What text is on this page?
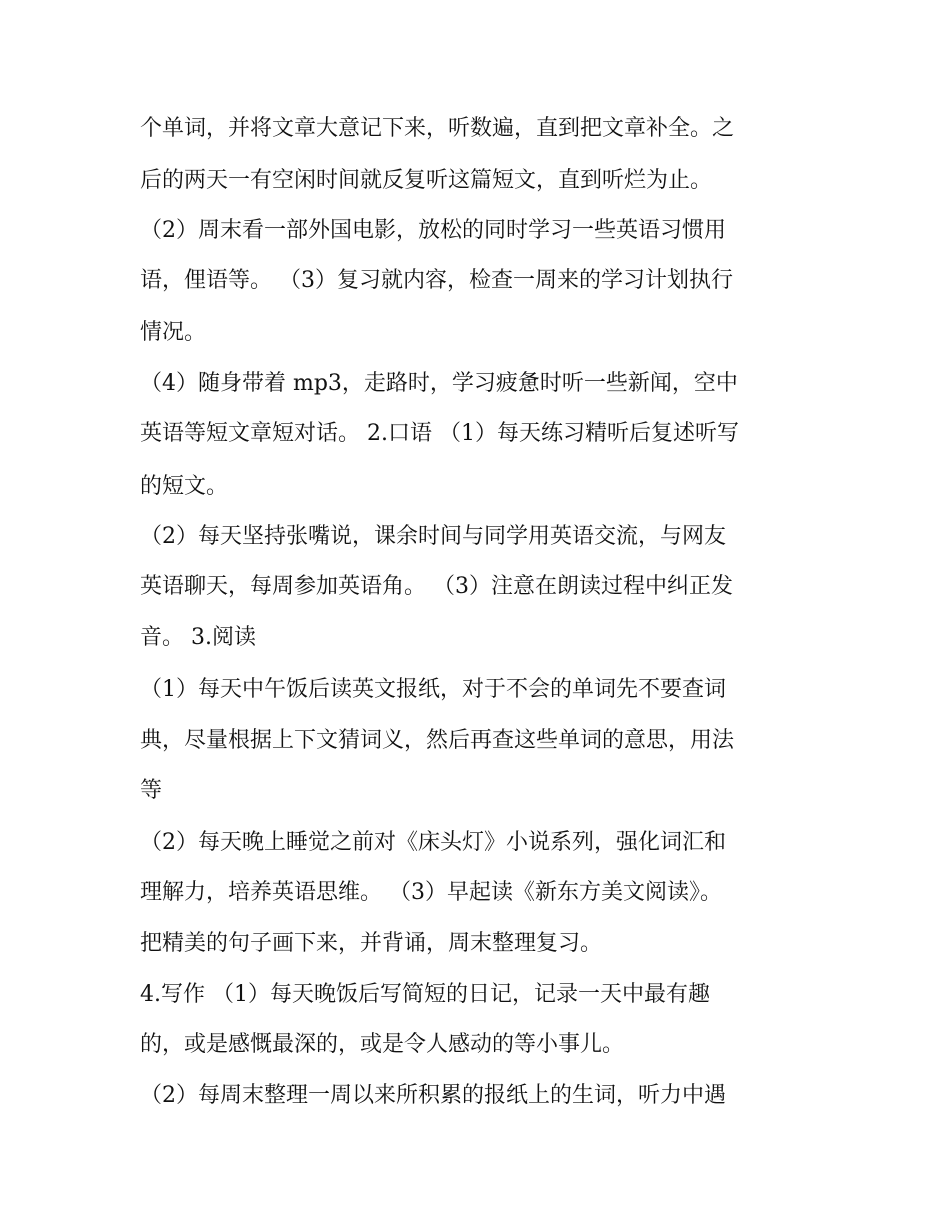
个单词，并将文章大意记下来，听数遍，直到把文章补全。之
后的两天一有空闲时间就反复听这篇短文，直到听烂为止。
（2）周末看一部外国电影，放松的同时学习一些英语习惯用
语，俚语等。 （3）复习就内容，检查一周来的学习计划执行
情况。
（4）随身带着 mp3，走路时，学习疲惫时听一些新闻，空中
英语等短文章短对话。 2.口语 （1）每天练习精听后复述听写
的短文。
（2）每天坚持张嘴说，课余时间与同学用英语交流，与网友
英语聊天，每周参加英语角。 （3）注意在朗读过程中纠正发
音。 3.阅读
（1）每天中午饭后读英文报纸，对于不会的单词先不要查词
典，尽量根据上下文猜词义，然后再查这些单词的意思，用法
等
（2）每天晚上睡觉之前对《床头灯》小说系列，强化词汇和
理解力，培养英语思维。 （3）早起读《新东方美文阅读》。
把精美的句子画下来，并背诵，周末整理复习。
4.写作 （1）每天晚饭后写简短的日记，记录一天中最有趣
的，或是感慨最深的，或是令人感动的等小事儿。
（2）每周末整理一周以来所积累的报纸上的生词，听力中遇
